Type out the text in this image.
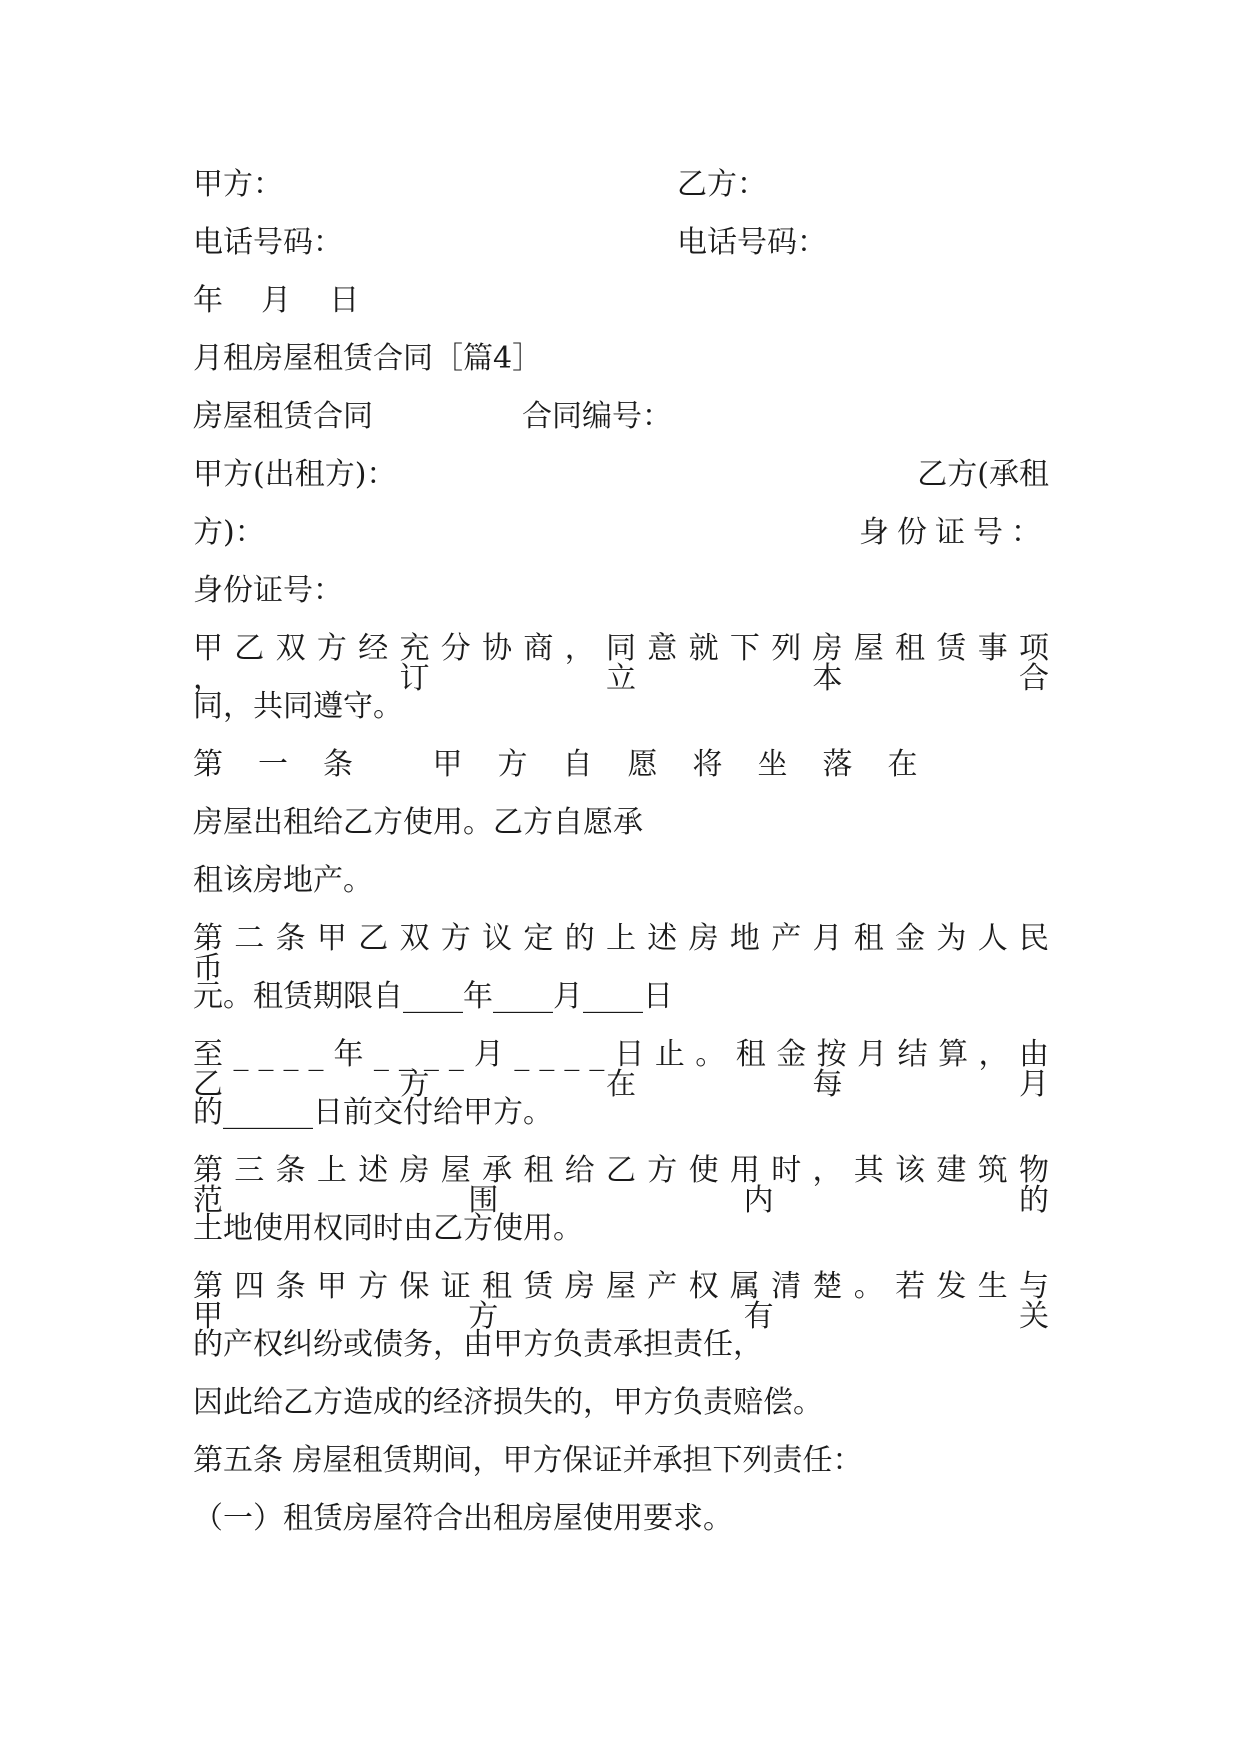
甲方：	乙方：
电话号码：	电话号码：
年    月    日
月租房屋租赁合同［篇4］
房屋租赁合同	合同编号：
甲方(出租方)：	乙方(承租
方)：	身份证号：
身份证号：
甲 乙 双 方 经 充 分 协 商 ， 同 意 就 下 列 房 屋 租 赁 事 项 ， 订 立 本 合
同，共同遵守。
第一条 甲方自愿将坐落在
房屋出租给乙方使用。乙方自愿承
租该房地产。
第 二 条 甲 乙 双 方 议 定 的 上 述 房 地 产 月 租 金 为 人 民 币
元。租赁期限自____年____月____日
至 _ _ _ _ 年 _ _ _ _ 月 _ _ _ _ 日 止 。 租 金 按 月 结 算 ， 由 乙 方 在 每 月
的______日前交付给甲方。
第 三 条 上 述 房 屋 承 租 给 乙 方 使 用 时 ， 其 该 建 筑 物 范 围 内 的
土地使用权同时由乙方使用。
第 四 条 甲 方 保 证 租 赁 房 屋 产 权 属 清 楚 。 若 发 生 与 甲 方 有 关
的产权纠纷或债务，由甲方负责承担责任，
因此给乙方造成的经济损失的，甲方负责赔偿。
第五条 房屋租赁期间，甲方保证并承担下列责任：
（一）租赁房屋符合出租房屋使用要求。
